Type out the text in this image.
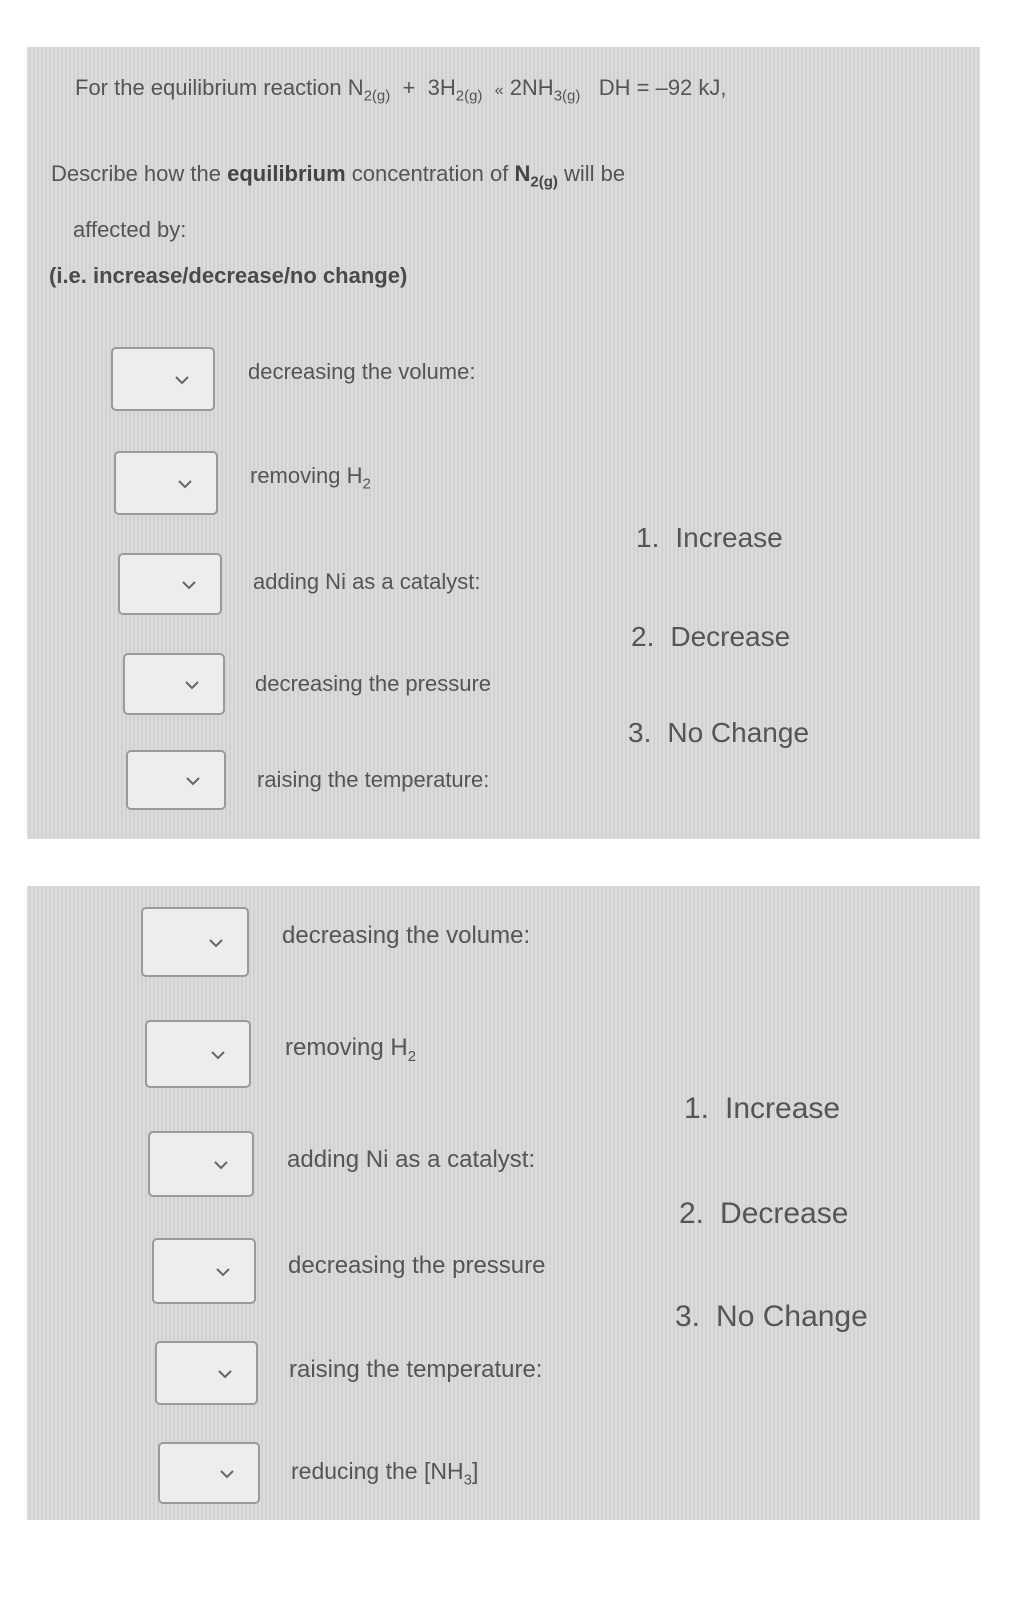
For the equilibrium reaction $N_{2(g)} + 3H_{2(g)}$ « $2NH_{3(g)}$ DH = –92 kJ,
Describe how the equilibrium concentration of $N_{2(g)}$ will be
affected by:
(i.e. increase/decrease/no change)
decreasing the volume:
removing $H_2$
adding Ni as a catalyst:
decreasing the pressure
raising the temperature:
1. Increase
2. Decrease
3. No Change
decreasing the volume:
removing $H_2$
adding Ni as a catalyst:
decreasing the pressure
raising the temperature:
reducing the $[NH_3]$
1. Increase
2. Decrease
3. No Change
